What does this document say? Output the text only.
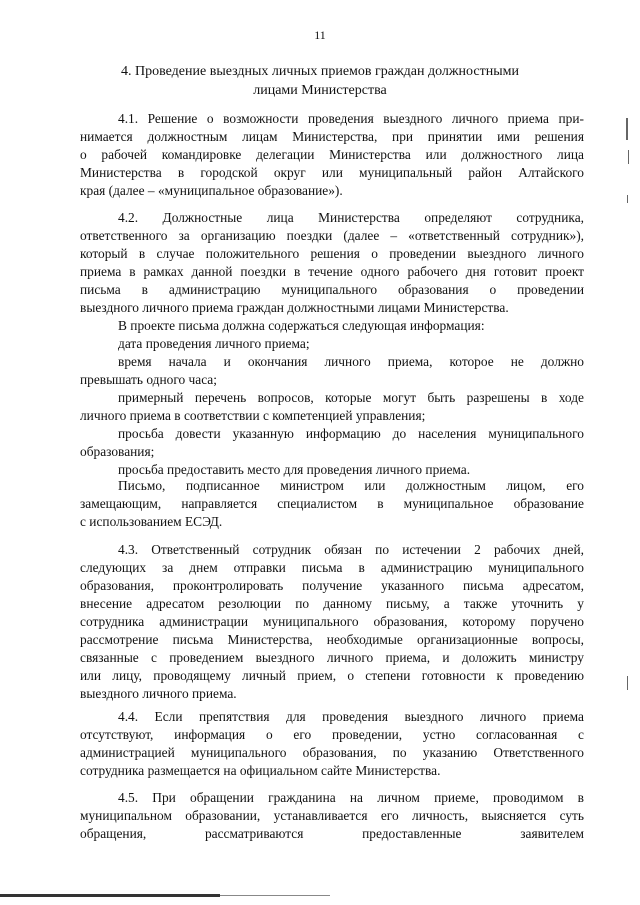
11
4. Проведение выездных личных приемов граждан должностными
лицами Министерства
4.1. Решение о возможности проведения выездного личного приема при-
нимается должностным лицам Министерства, при принятии ими решения
о рабочей командировке делегации Министерства или должностного лица
Министерства в городской округ или муниципальный район Алтайского
края (далее – «муниципальное образование»).
4.2. Должностные лица Министерства определяют сотрудника,
ответственного за организацию поездки (далее – «ответственный сотрудник»),
который в случае положительного решения о проведении выездного личного
приема в рамках данной поездки в течение одного рабочего дня готовит проект
письма в администрацию муниципального образования о проведении
выездного личного приема граждан должностными лицами Министерства.
В проекте письма должна содержаться следующая информация:
дата проведения личного приема;
время начала и окончания личного приема, которое не должно
превышать одного часа;
примерный перечень вопросов, которые могут быть разрешены в ходе
личного приема в соответствии с компетенцией управления;
просьба довести указанную информацию до населения муниципального
образования;
просьба предоставить место для проведения личного приема.
Письмо, подписанное министром или должностным лицом, его
замещающим, направляется специалистом в муниципальное образование
с использованием ЕСЭД.
4.3. Ответственный сотрудник обязан по истечении 2 рабочих дней,
следующих за днем отправки письма в администрацию муниципального
образования, проконтролировать получение указанного письма адресатом,
внесение адресатом резолюции по данному письму, а также уточнить у
сотрудника администрации муниципального образования, которому поручено
рассмотрение письма Министерства, необходимые организационные вопросы,
связанные с проведением выездного личного приема, и доложить министру
или лицу, проводящему личный прием, о степени готовности к проведению
выездного личного приема.
4.4. Если препятствия для проведения выездного личного приема
отсутствуют, информация о его проведении, устно согласованная с
администрацией муниципального образования, по указанию Ответственного
сотрудника размещается на официальном сайте Министерства.
4.5. При обращении гражданина на личном приеме, проводимом в
муниципальном образовании, устанавливается его личность, выясняется суть
обращения, рассматриваются предоставленные заявителем
